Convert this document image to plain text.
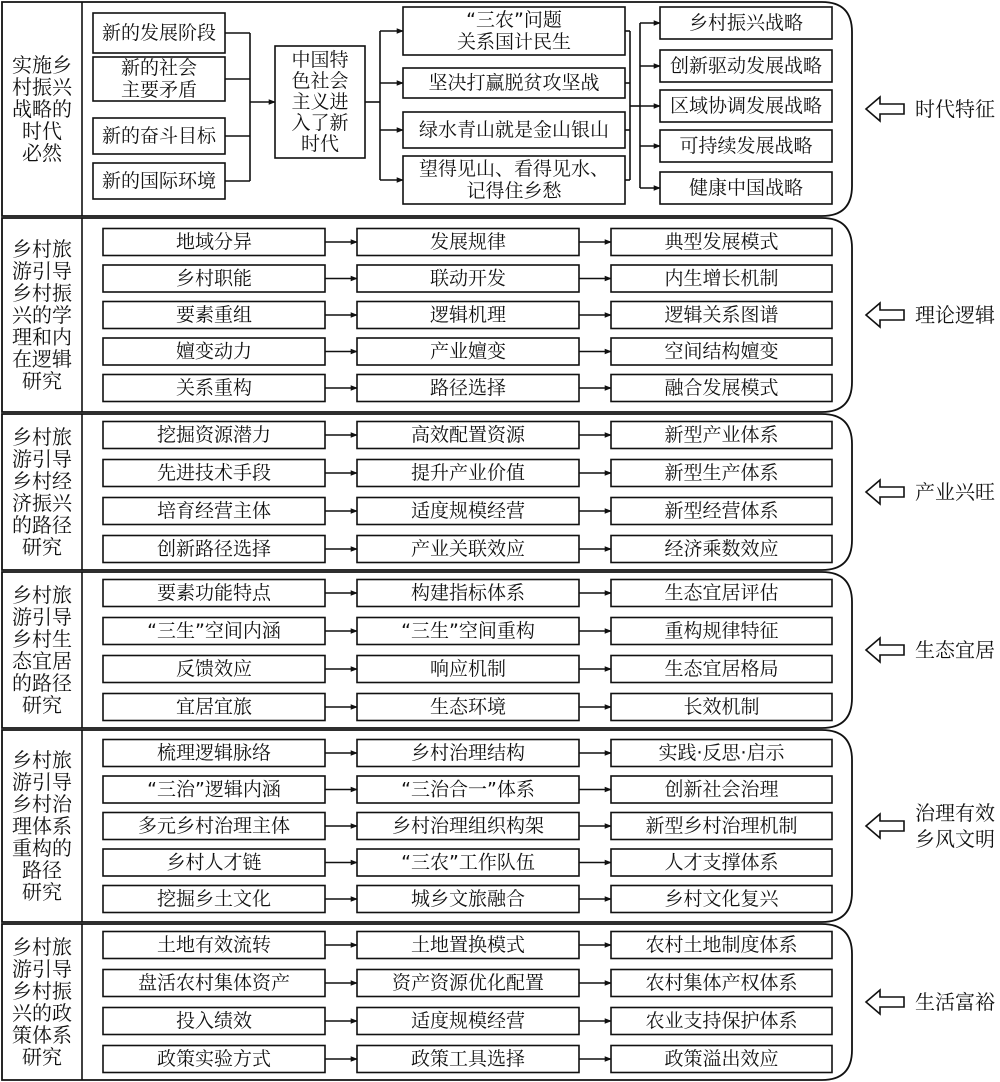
实施乡
村振兴
战略的
时代
必然
时代特征
乡村旅
游引导
乡村振
兴的学
理和内
在逻辑
研究
理论逻辑
乡村旅
游引导
乡村经
济振兴
的路径
研究
产业兴旺
乡村旅
游引导
乡村生
态宜居
的路径
研究
生态宜居
乡村旅
游引导
乡村治
理体系
重构的
路径
研究
治理有效
乡风文明
乡村旅
游引导
乡村振
兴的政
策体系
研究
生活富裕
新的发展阶段
新的社会
主要矛盾
新的奋斗目标
新的国际环境
中国特
色社会
主义进
入了新
时代
“三农”问题
关系国计民生
坚决打赢脱贫攻坚战
绿水青山就是金山银山
望得见山、看得见水、
记得住乡愁
乡村振兴战略
创新驱动发展战略
区域协调发展战略
可持续发展战略
健康中国战略
地域分异	发展规律	典型发展模式
乡村职能	联动开发	内生增长机制
要素重组	逻辑机理	逻辑关系图谱
嬗变动力	产业嬗变	空间结构嬗变
关系重构	路径选择	融合发展模式
挖掘资源潜力	高效配置资源	新型产业体系
先进技术手段	提升产业价值	新型生产体系
培育经营主体	适度规模经营	新型经营体系
创新路径选择	产业关联效应	经济乘数效应
要素功能特点	构建指标体系	生态宜居评估
“三生”空间内涵	“三生”空间重构	重构规律特征
反馈效应	响应机制	生态宜居格局
宜居宜旅	生态环境	长效机制
梳理逻辑脉络	乡村治理结构	实践·反思·启示
“三治”逻辑内涵	“三治合一”体系	创新社会治理
多元乡村治理主体	乡村治理组织构架	新型乡村治理机制
乡村人才链	“三农”工作队伍	人才支撑体系
挖掘乡土文化	城乡文旅融合	乡村文化复兴
土地有效流转	土地置换模式	农村土地制度体系
盘活农村集体资产	资产资源优化配置	农村集体产权体系
投入绩效	适度规模经营	农业支持保护体系
政策实验方式	政策工具选择	政策溢出效应
